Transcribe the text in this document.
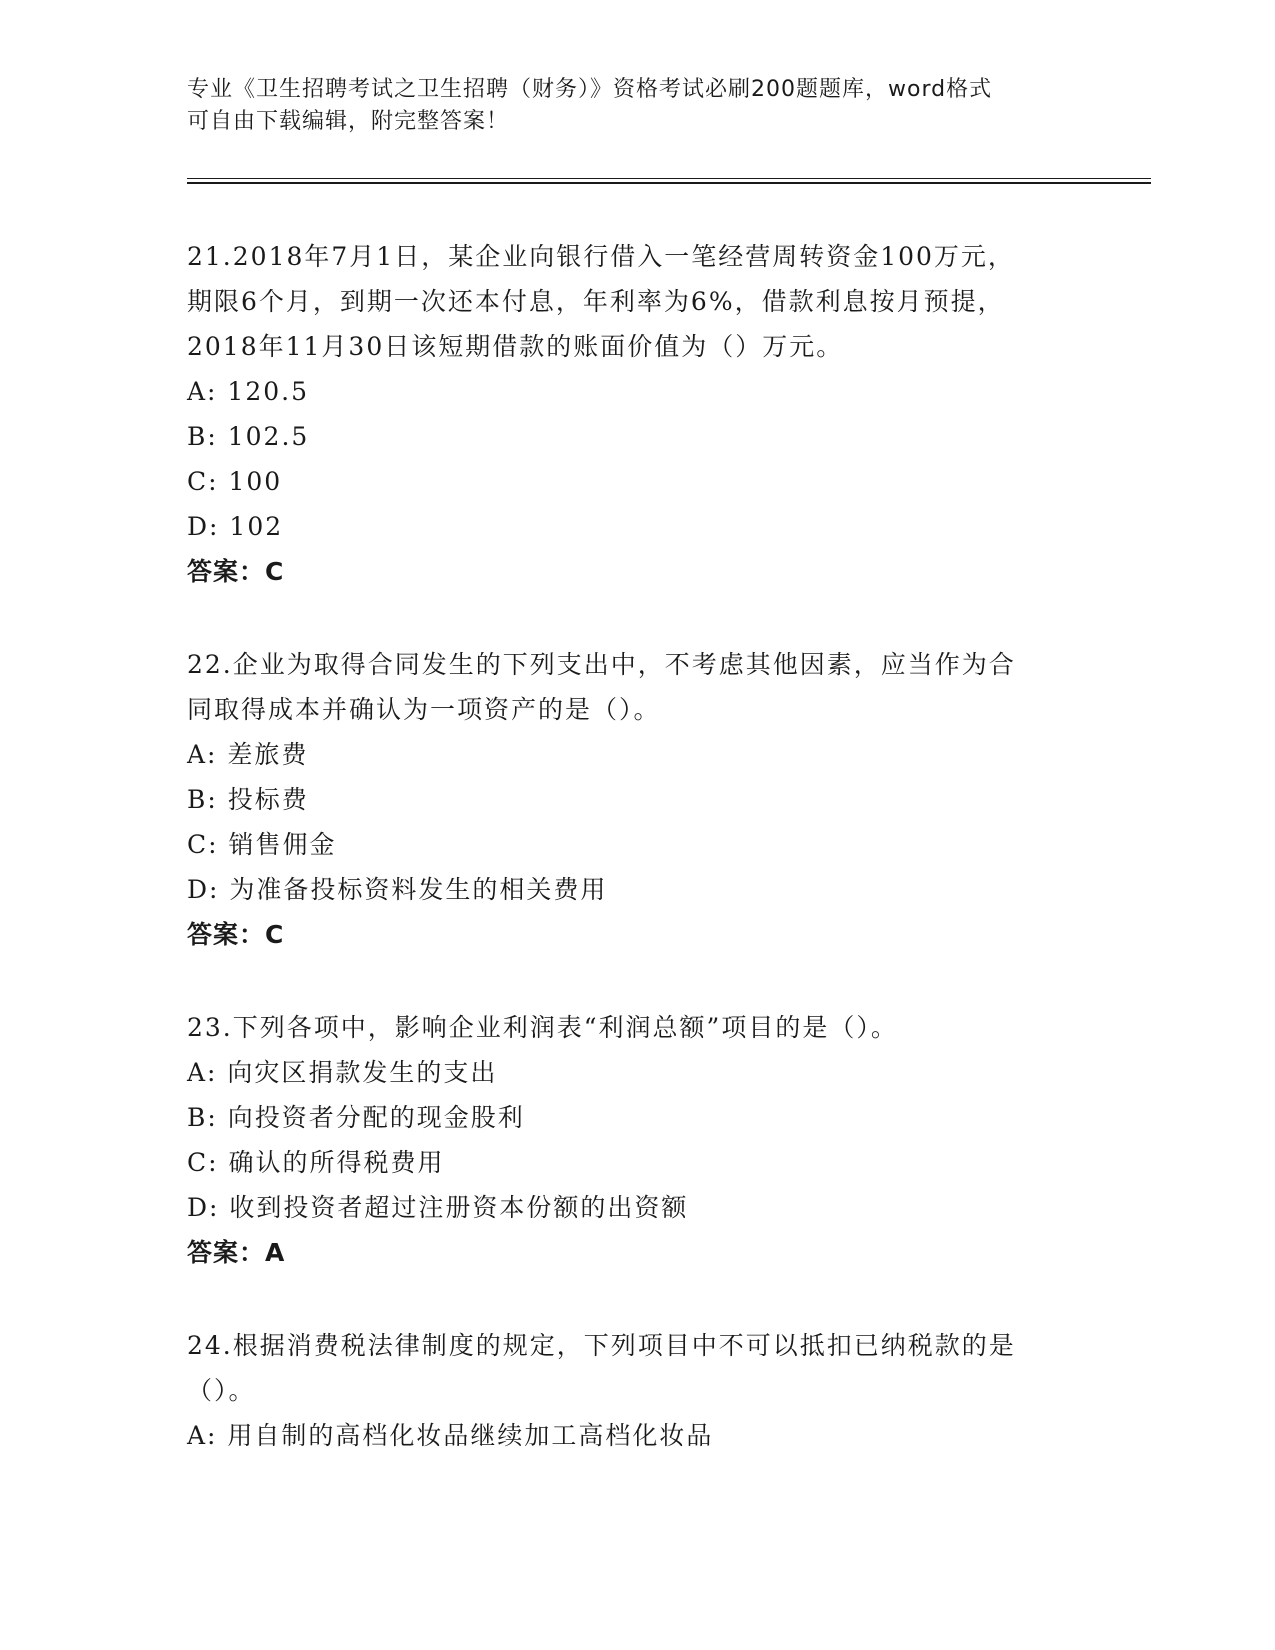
专业《卫生招聘考试之卫生招聘（财务）》资格考试必刷200题题库，word格式
可自由下载编辑，附完整答案！
21.2018年7月1日，某企业向银行借入一笔经营周转资金100万元，
期限6个月，到期一次还本付息，年利率为6%，借款利息按月预提，
2018年11月30日该短期借款的账面价值为（）万元。
A: 120.5
B: 102.5
C: 100
D: 102
答案：C
22.企业为取得合同发生的下列支出中，不考虑其他因素，应当作为合
同取得成本并确认为一项资产的是（）。
A: 差旅费
B: 投标费
C: 销售佣金
D: 为准备投标资料发生的相关费用
答案：C
23.下列各项中，影响企业利润表“利润总额”项目的是（）。
A: 向灾区捐款发生的支出
B: 向投资者分配的现金股利
C: 确认的所得税费用
D: 收到投资者超过注册资本份额的出资额
答案：A
24.根据消费税法律制度的规定，下列项目中不可以抵扣已纳税款的是
（）。
A: 用自制的高档化妆品继续加工高档化妆品
